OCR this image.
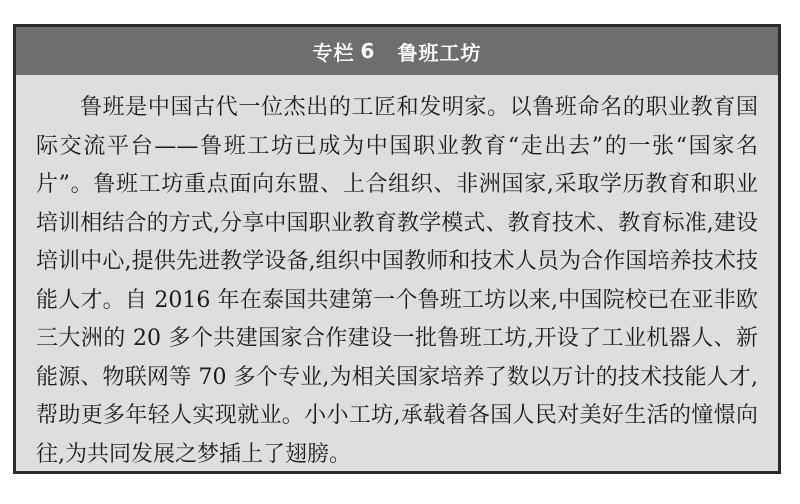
专栏 6 鲁班工坊

鲁班是中国古代一位杰出的工匠和发明家。以鲁班命名的职业教育国际交流平台——鲁班工坊已成为中国职业教育“走出去”的一张“国家名片”。鲁班工坊重点面向东盟、上合组织、非洲国家,采取学历教育和职业培训相结合的方式,分享中国职业教育教学模式、教育技术、教育标准,建设培训中心,提供先进教学设备,组织中国教师和技术人员为合作国培养技术技能人才。自 2016 年在泰国共建第一个鲁班工坊以来,中国院校已在亚非欧三大洲的 20 多个共建国家合作建设一批鲁班工坊,开设了工业机器人、新能源、物联网等 70 多个专业,为相关国家培养了数以万计的技术技能人才,帮助更多年轻人实现就业。小小工坊,承载着各国人民对美好生活的憧憬向往,为共同发展之梦插上了翅膀。
